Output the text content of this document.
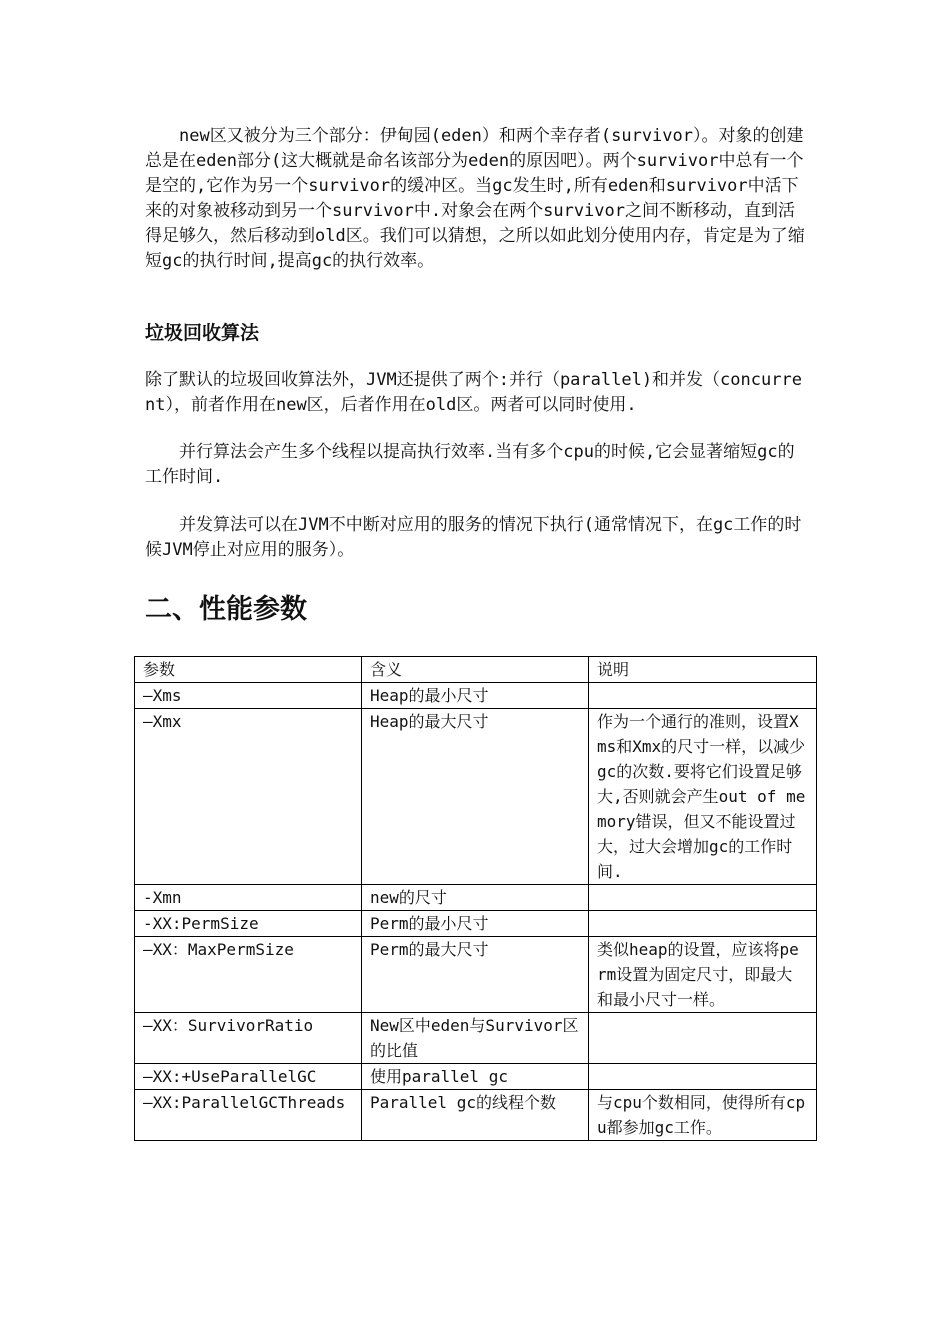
new区又被分为三个部分：伊甸园(eden）和两个幸存者(survivor）。对象的创建总是在eden部分(这大概就是命名该部分为eden的原因吧）。两个survivor中总有一个是空的,它作为另一个survivor的缓冲区。当gc发生时,所有eden和survivor中活下来的对象被移动到另一个survivor中.对象会在两个survivor之间不断移动，直到活得足够久，然后移动到old区。我们可以猜想，之所以如此划分使用内存，肯定是为了缩短gc的执行时间,提高gc的执行效率。

垃圾回收算法

除了默认的垃圾回收算法外，JVM还提供了两个:并行（parallel)和并发（concurrent），前者作用在new区，后者作用在old区。两者可以同时使用.

并行算法会产生多个线程以提高执行效率.当有多个cpu的时候,它会显著缩短gc的工作时间.

并发算法可以在JVM不中断对应用的服务的情况下执行(通常情况下，在gc工作的时候JVM停止对应用的服务）。

二、性能参数
参数	含义	说明
—Xms	Heap的最小尺寸	
—Xmx	Heap的最大尺寸	作为一个通行的准则，设置Xms和Xmx的尺寸一样，以减少gc的次数.要将它们设置足够大,否则就会产生out of memory错误，但又不能设置过大，过大会增加gc的工作时间.
-Xmn	new的尺寸	
-XX:PermSize	Perm的最小尺寸	
—XX：MaxPermSize	Perm的最大尺寸	类似heap的设置，应该将perm设置为固定尺寸，即最大和最小尺寸一样。
—XX：SurvivorRatio	New区中eden与Survivor区的比值	
—XX:+UseParallelGC	使用parallel gc	
—XX:ParallelGCThreads	Parallel gc的线程个数	与cpu个数相同，使得所有cpu都参加gc工作。
